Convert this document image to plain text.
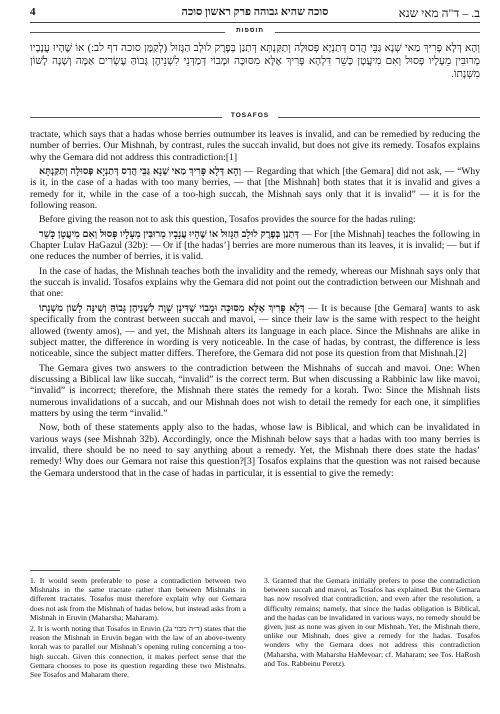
4	סוכה שהיא גבוהה פרק ראשון סוכה	ב. – ד"ה מאי שנא
תוספות
וְהָא דְּלָא פָּרִיךְ מַאי שְׁנָא גַּבֵּי הֲדַס דְּתַנְיָא פְּסוּלָה וְתַקַּנְתָּא דְּתַנַן בְּפֶרֶק לוּלָב הַגָּזוּל (לְקַמָּן סוכה דף לב:) אוֹ שֶׁהָיוּ עֲנָבָיו מְרוּבִּין מֵעָלָיו פָּסוּל וְאִם מִיעֲטָן כָּשֵׁר דִּלְהָא פָּרִיךְ אֶלָּא מִסּוּכָּה וּמָבוֹי דְּמַדְּנֵי לִשְׁנֵיהֶן גָּבוֹהַּ עֶשְׂרִים אַמָּה וְשָׁנָה לָשׁוֹן מִשְׁנָתוֹ.
TOSAFOS

tractate, which says that a hadas whose berries outnumber its leaves is invalid, and can be remedied by reducing the number of berries. Our Mishnah, by contrast, rules the succah invalid, but does not give its remedy. Tosafos explains why the Gemara did not address this contradiction:[1]

וְהָא דְּלָא פָּרִיךְ מַאי שְׁנָא גַּבֵּי הֲדַס דְּתַנְיָא פְּסוּלָה וְתַקַּנְתָּא	— Regarding that which [the Gemara] did not ask, — “Why is it, in the case of a hadas with too many berries, — that [the Mishnah] both states that it is invalid and gives a remedy for it, while in the case of a too-high succah, the Mishnah says only that it is invalid” — it is for the following reason.

Before giving the reason not to ask this question, Tosafos provides the source for the hadas ruling:

דְּתַנַן בְּפֶרֶק לוּלָב הַגָּזוּל אוֹ שֶׁהָיוּ עֲנָבָיו מְרוּבִּין מֵעָלָיו פָּסוּל וְאִם מִיעֲטָן כָּשֵׁר	— For [the Mishnah] teaches the following in Chapter Lulav HaGazul (32b): — Or if [the hadas’] berries are more numerous than its leaves, it is invalid; — but if one reduces the number of berries, it is valid.

In the case of hadas, the Mishnah teaches both the invalidity and the remedy, whereas our Mishnah says only that the succah is invalid. Tosafos explains why the Gemara did not point out the contradiction between our Mishnah and that one:

דְּלָא פָּרִיךְ אֶלָּא מִסּוּכָּה וּמָבוֹי שֶׁדִּינָן שָׁוֶה לִשְׁנֵיהֶן גָּבוֹהַּ וְשִׁינָּה לָשׁוֹן מִשְׁנָתוֹ	— It is because [the Gemara] wants to ask specifically from the contrast between succah and mavoi, — since their law is the same with respect to the height allowed (twenty amos), — and yet, the Mishnah alters its language in each place. Since the Mishnahs are alike in subject matter, the difference in wording is very noticeable. In the case of hadas, by contrast, the difference is less noticeable, since the subject matter differs. Therefore, the Gemara did not pose its question from that Mishnah.[2]

The Gemara gives two answers to the contradiction between the Mishnahs of succah and mavoi. One: When discussing a Biblical law like succah, “invalid” is the correct term. But when discussing a Rabbinic law like mavoi, “invalid” is incorrect; therefore, the Mishnah there states the remedy for a korah. Two: Since the Mishnah lists numerous invalidations of a succah, and our Mishnah does not wish to detail the remedy for each one, it simplifies matters by using the term “invalid.”

Now, both of these statements apply also to the hadas, whose law is Biblical, and which can be invalidated in various ways (see Mishnah 32b). Accordingly, once the Mishnah below says that a hadas with too many berries is invalid, there should be no need to say anything about a remedy. Yet, the Mishnah there does state the hadas’ remedy! Why does our Gemara not raise this question?[3] Tosafos explains that the question was not raised because the Gemara understood that in the case of hadas in particular, it is essential to give the remedy:

1. It would seem preferable to pose a contradiction between two Mishnahs in the same tractate rather than between Mishnahs in different tractates. Tosafos must therefore explain why our Gemara does not ask from the Mishnah of hadas below, but instead asks from a Mishnah in Eruvin (Maharsha; Maharam).

2. It is worth noting that Tosafos in Eruvin (2a ד״ה מבוי) states that the reason the Mishnah in Eruvin began with the law of an above-twenty korah was to parallel our Mishnah’s opening ruling concerning a too-high succah. Given this connection, it makes perfect sense that the Gemara chooses to pose its question regarding these two Mishnahs. See Tosafos and Maharam there.

3. Granted that the Gemara initially prefers to pose the contradiction between succah and mavoi, as Tosafos has explained. But the Gemara has now resolved that contradiction, and even after the resolution, a difficulty remains; namely, that since the hadas obligation is Biblical, and the hadas can be invalidated in various ways, no remedy should be given, just as none was given in our Mishnah. Yet, the Mishnah there, unlike our Mishnah, does give a remedy for the hadas. Tosafos wonders why the Gemara does not address this contradiction (Maharsha, with Maharsha HaMevoar; cf. Maharam; see Tos. HaRosh and Tos. Rabbeinu Peretz).
